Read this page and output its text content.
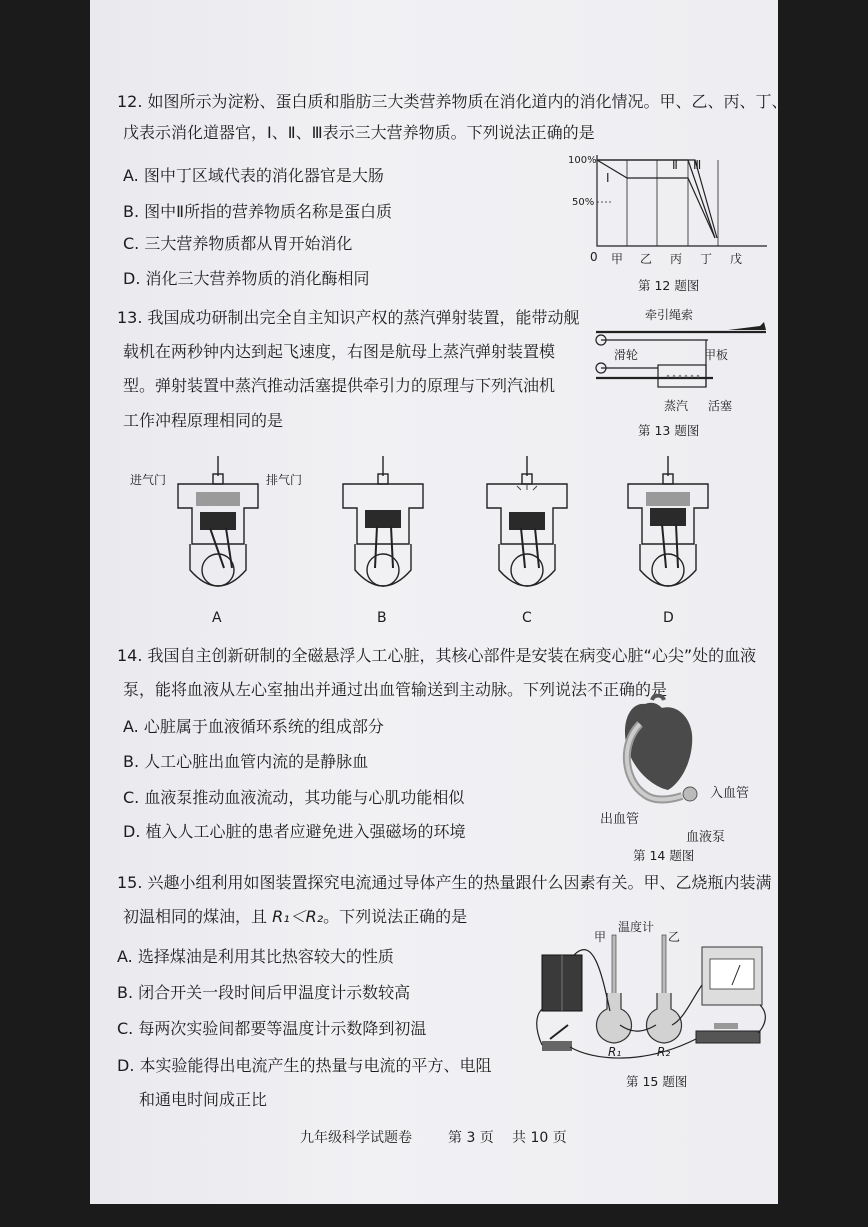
12. 如图所示为淀粉、蛋白质和脂肪三大类营养物质在消化道内的消化情况。甲、乙、丙、丁、
戊表示消化道器官，Ⅰ、Ⅱ、Ⅲ表示三大营养物质。下列说法正确的是
A. 图中丁区域代表的消化器官是大肠
B. 图中Ⅱ所指的营养物质名称是蛋白质
C. 三大营养物质都从胃开始消化
D. 消化三大营养物质的消化酶相同
100%
50%
Ⅰ
Ⅱ Ⅲ
0 甲 乙 丙 丁 戊
第 12 题图
13. 我国成功研制出完全自主知识产权的蒸汽弹射装置，能带动舰
载机在两秒钟内达到起飞速度，右图是航母上蒸汽弹射装置模
型。弹射装置中蒸汽推动活塞提供牵引力的原理与下列汽油机
工作冲程原理相同的是
牵引绳索
滑轮	甲板
蒸汽 活塞
第 13 题图
进气门	排气门
A	B	C	D
14. 我国自主创新研制的全磁悬浮人工心脏，其核心部件是安装在病变心脏“心尖”处的血液
泵，能将血液从左心室抽出并通过出血管输送到主动脉。下列说法不正确的是
A. 心脏属于血液循环系统的组成部分
B. 人工心脏出血管内流的是静脉血
C. 血液泵推动血液流动，其功能与心肌功能相似
D. 植入人工心脏的患者应避免进入强磁场的环境
入血管
出血管
血液泵
第 14 题图
15. 兴趣小组利用如图装置探究电流通过导体产生的热量跟什么因素有关。甲、乙烧瓶内装满
初温相同的煤油，且 R₁＜R₂。下列说法正确的是
A. 选择煤油是利用其比热容较大的性质
B. 闭合开关一段时间后甲温度计示数较高
C. 每两次实验间都要等温度计示数降到初温
D. 本实验能得出电流产生的热量与电流的平方、电阻
和通电时间成正比
温度计
甲	乙
R₁	R₂
第 15 题图
九年级科学试题卷	第 3 页 共 10 页
